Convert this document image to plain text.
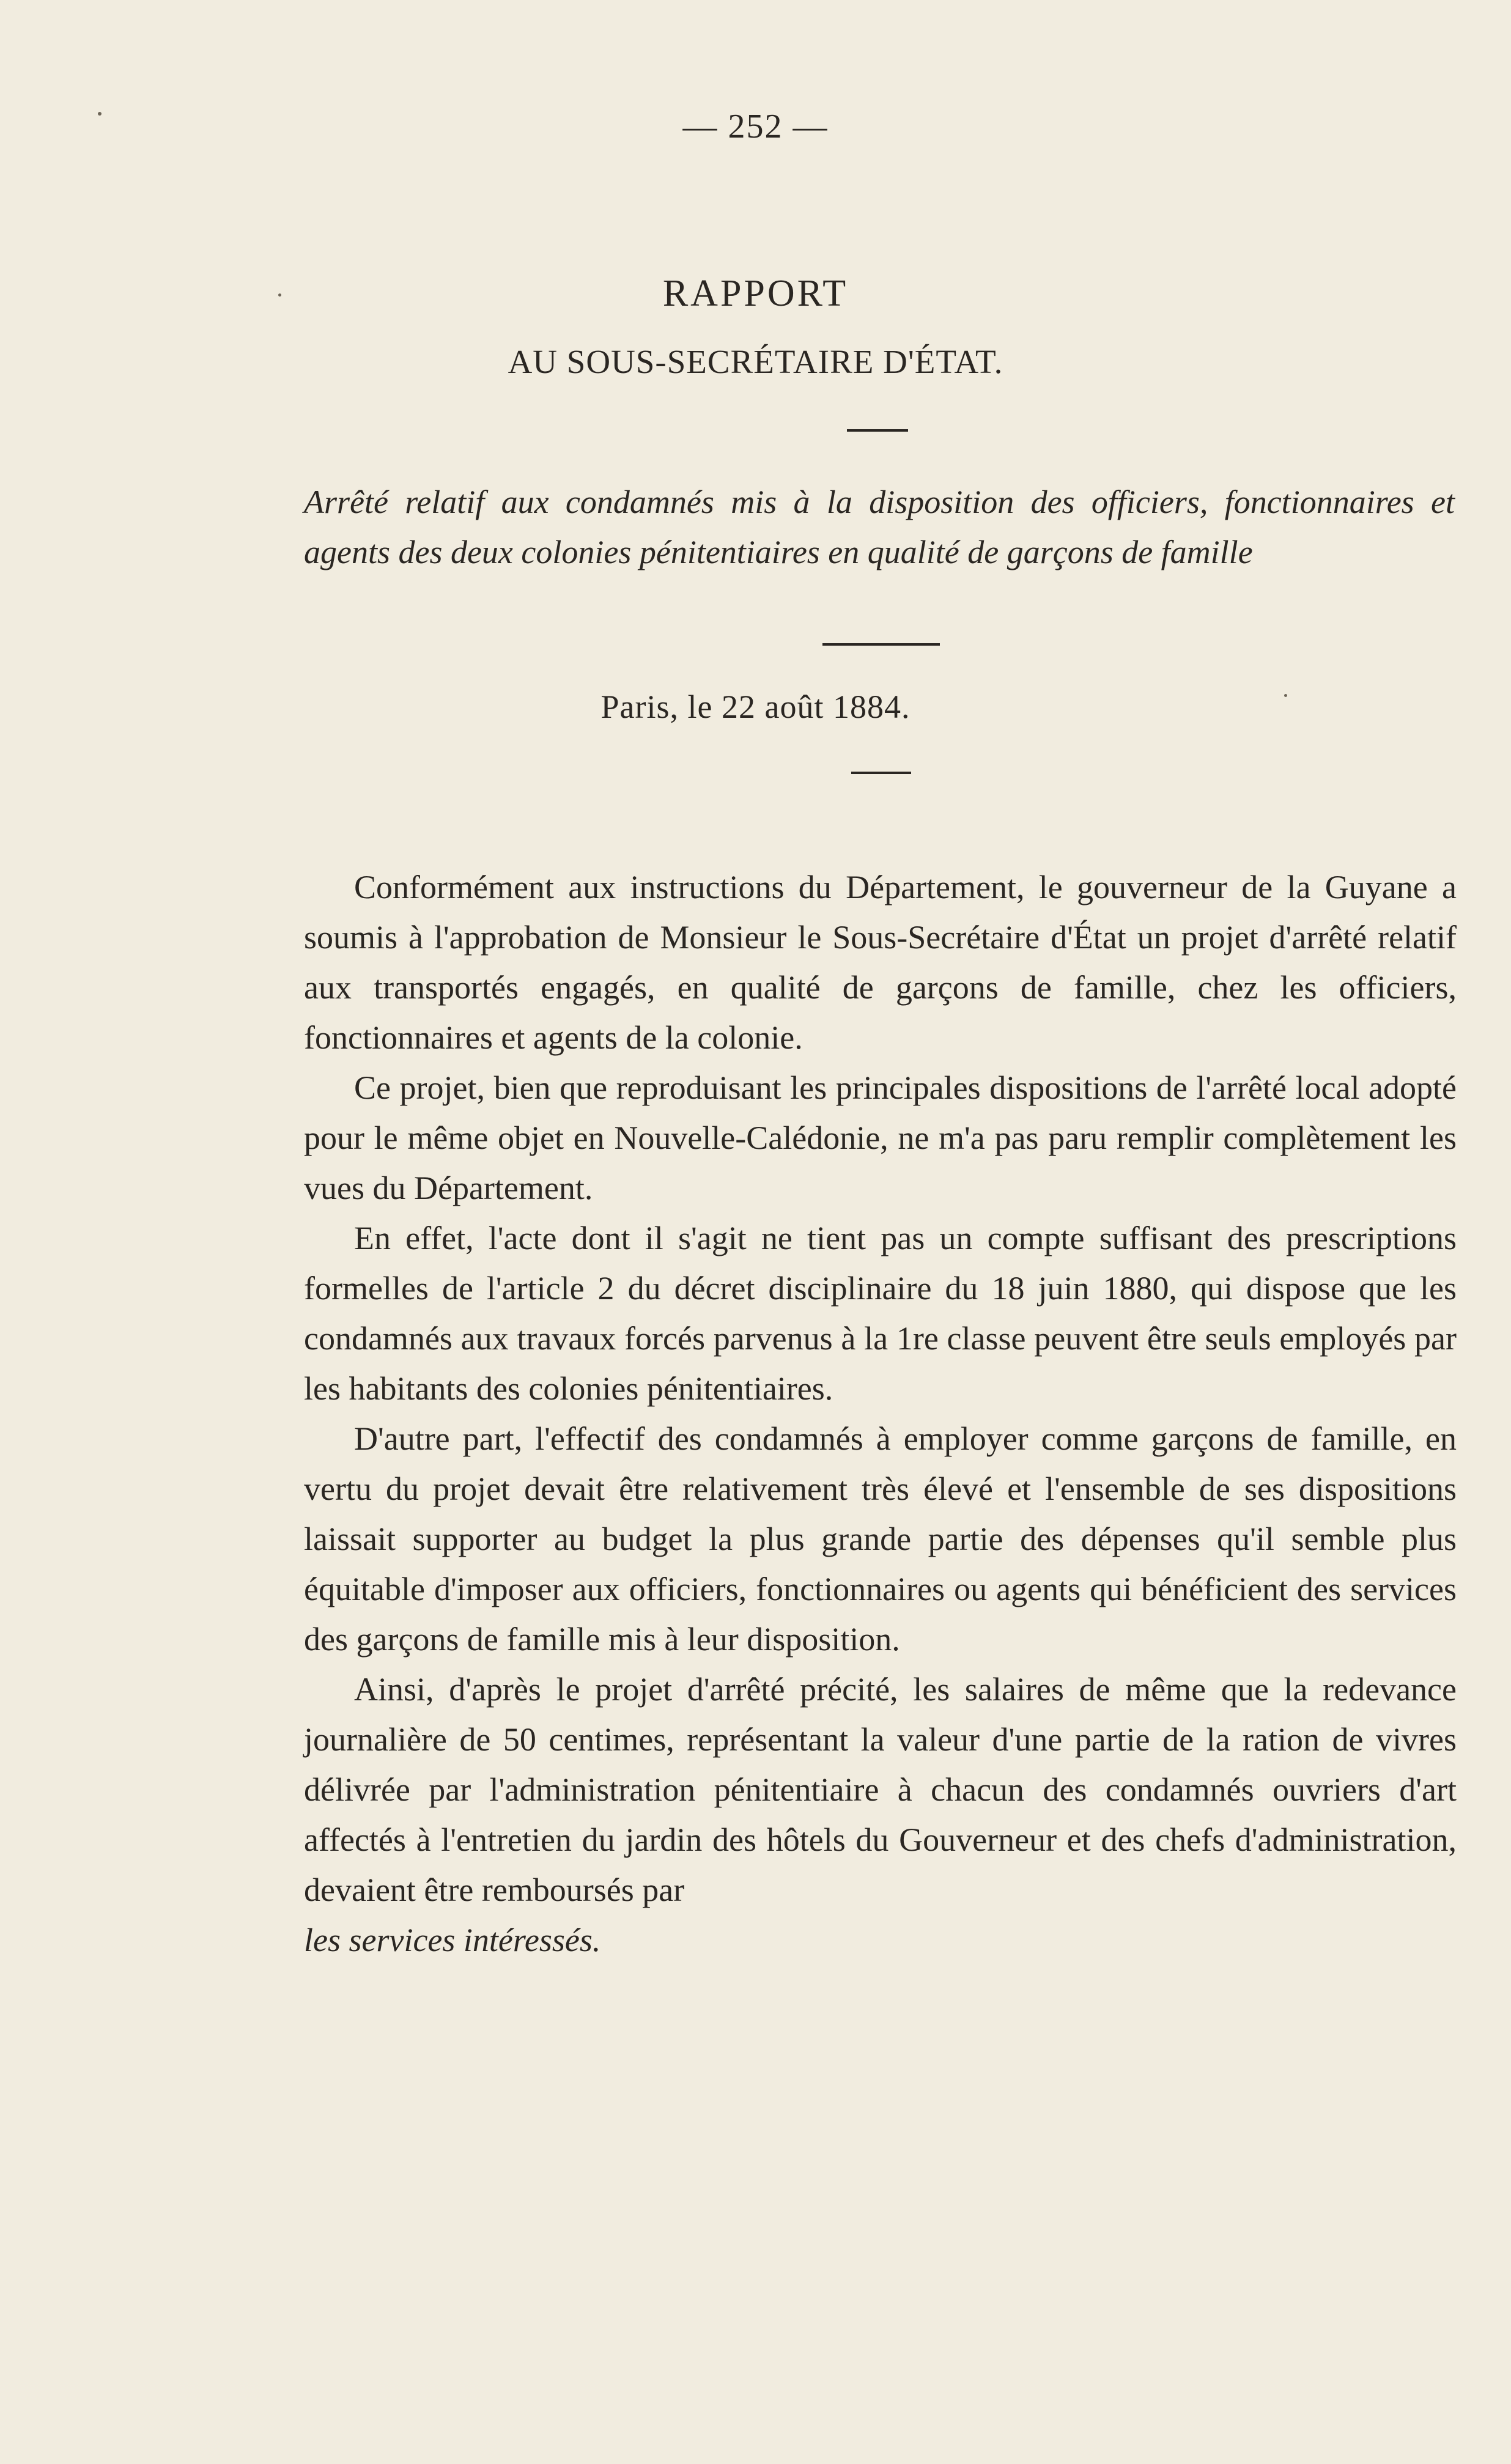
— 252 —
RAPPORT
AU SOUS-SECRÉTAIRE D'ÉTAT.
Arrêté relatif aux condamnés mis à la disposition des officiers, fonctionnaires et agents des deux colonies pénitentiaires en qualité de garçons de famille
Paris, le 22 août 1884.

Conformément aux instructions du Département, le gouverneur de la Guyane a soumis à l'approbation de Monsieur le Sous-Secrétaire d'État un projet d'arrêté relatif aux transportés engagés, en qualité de garçons de famille, chez les officiers, fonctionnaires et agents de la colonie.

Ce projet, bien que reproduisant les principales dispositions de l'arrêté local adopté pour le même objet en Nouvelle-Calédonie, ne m'a pas paru remplir complètement les vues du Département.

En effet, l'acte dont il s'agit ne tient pas un compte suffisant des prescriptions formelles de l'article 2 du décret disciplinaire du 18 juin 1880, qui dispose que les condamnés aux travaux forcés parvenus à la 1re classe peuvent être seuls employés par les habitants des colonies pénitentiaires.

D'autre part, l'effectif des condamnés à employer comme garçons de famille, en vertu du projet devait être relativement très élevé et l'ensemble de ses dispositions laissait supporter au budget la plus grande partie des dépenses qu'il semble plus équitable d'imposer aux officiers, fonctionnaires ou agents qui bénéficient des services des garçons de famille mis à leur disposition.

Ainsi, d'après le projet d'arrêté précité, les salaires de même que la redevance journalière de 50 centimes, représentant la valeur d'une partie de la ration de vivres délivrée par l'administration pénitentiaire à chacun des condamnés ouvriers d'art affectés à l'entretien du jardin des hôtels du Gouverneur et des chefs d'administration, devaient être remboursés par

les services intéressés.
